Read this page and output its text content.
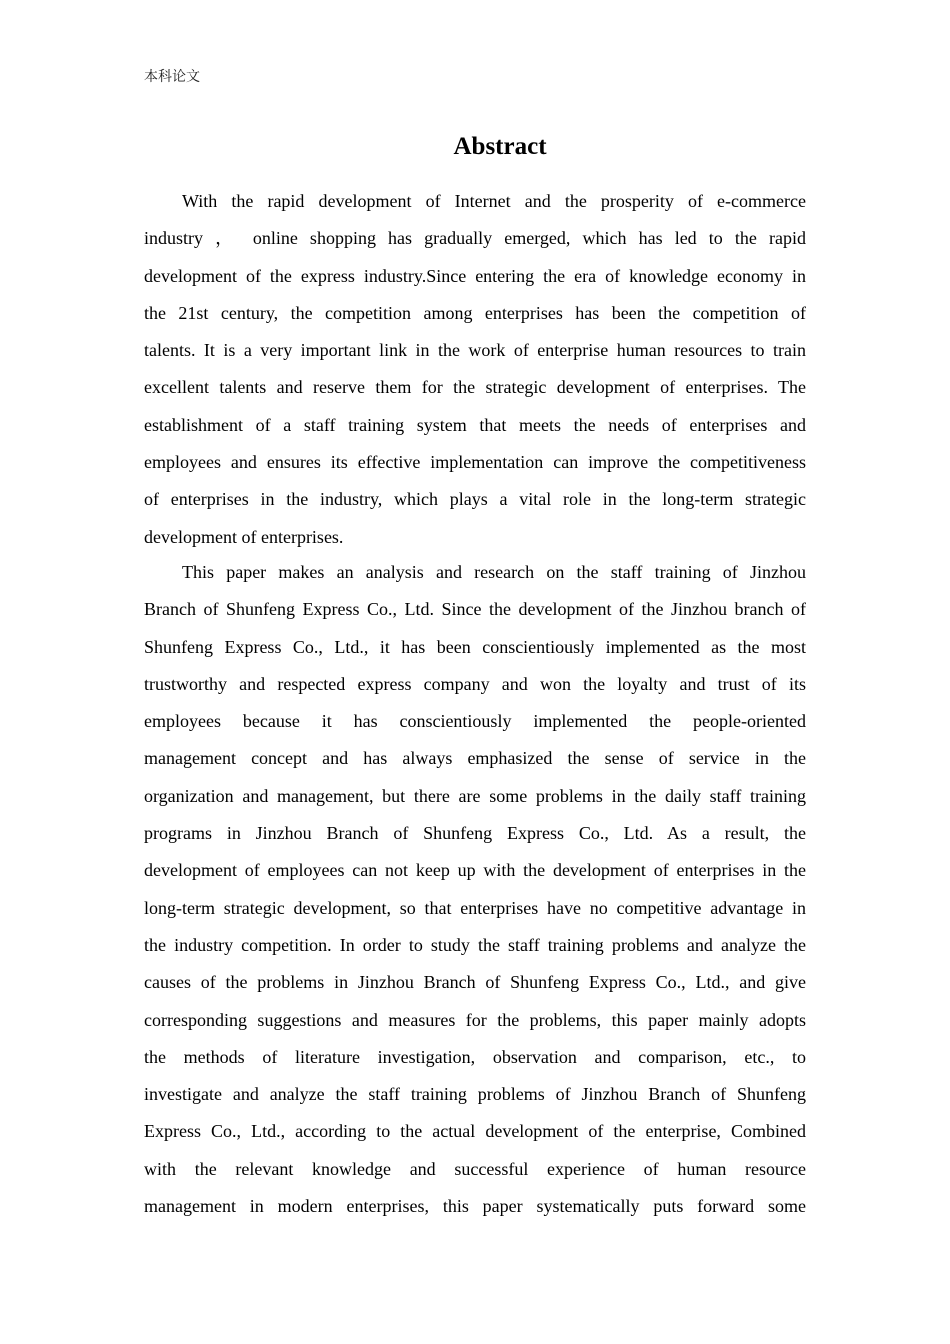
本科论文
Abstract
With the rapid development of Internet and the prosperity of e-commerce
industry ， online shopping has gradually emerged, which has led to the rapid
development of the express industry.Since entering the era of knowledge economy in
the 21st century, the competition among enterprises has been the competition of
talents. It is a very important link in the work of enterprise human resources to train
excellent talents and reserve them for the strategic development of enterprises. The
establishment of a staff training system that meets the needs of enterprises and
employees and ensures its effective implementation can improve the competitiveness
of enterprises in the industry, which plays a vital role in the long-term strategic
development of enterprises.
This paper makes an analysis and research on the staff training of Jinzhou
Branch of Shunfeng Express Co., Ltd. Since the development of the Jinzhou branch of
Shunfeng Express Co., Ltd., it has been conscientiously implemented as the most
trustworthy and respected express company and won the loyalty and trust of its
employees because it has conscientiously implemented the people-oriented
management concept and has always emphasized the sense of service in the
organization and management, but there are some problems in the daily staff training
programs in Jinzhou Branch of Shunfeng Express Co., Ltd. As a result, the
development of employees can not keep up with the development of enterprises in the
long-term strategic development, so that enterprises have no competitive advantage in
the industry competition. In order to study the staff training problems and analyze the
causes of the problems in Jinzhou Branch of Shunfeng Express Co., Ltd., and give
corresponding suggestions and measures for the problems, this paper mainly adopts
the methods of literature investigation, observation and comparison, etc., to
investigate and analyze the staff training problems of Jinzhou Branch of Shunfeng
Express Co., Ltd., according to the actual development of the enterprise, Combined
with the relevant knowledge and successful experience of human resource
management in modern enterprises, this paper systematically puts forward some
